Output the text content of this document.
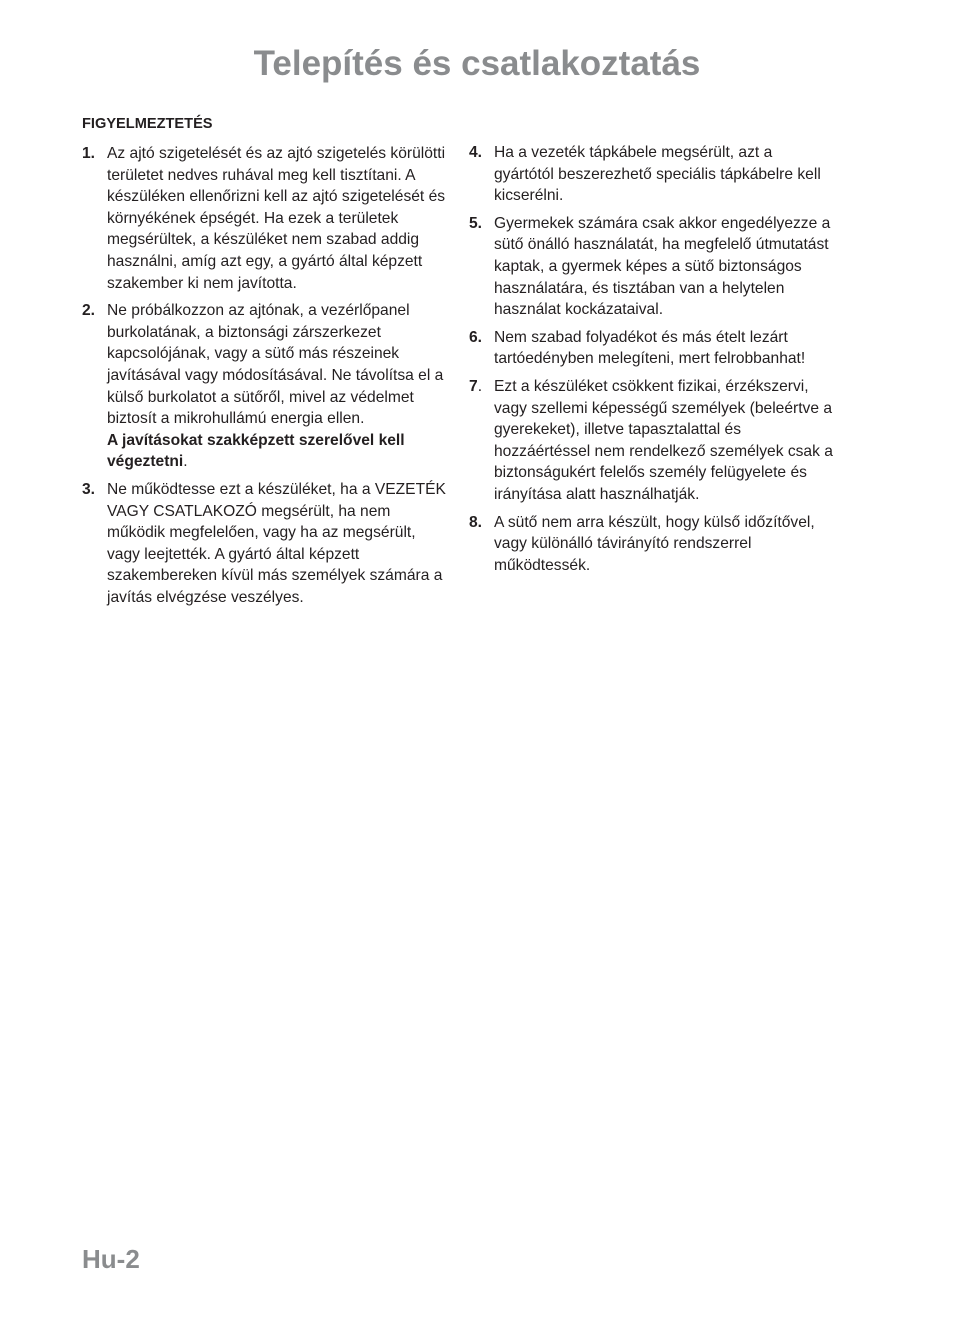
Telepítés és csatlakoztatás
FIGYELMEZTETÉS
1. Az ajtó szigetelését és az ajtó szigetelés körülötti területet nedves ruhával meg kell tisztítani. A készüléken ellenőrizni kell az ajtó szigetelését és környékének épségét. Ha ezek a területek megsérültek, a készüléket nem szabad addig használni, amíg azt egy, a gyártó által képzett szakember ki nem javította.
2. Ne próbálkozzon az ajtónak, a vezérlőpanel burkolatának, a biztonsági zárszerkezet kapcsolójának, vagy a sütő más részeinek javításával vagy módosításával. Ne távolítsa el a külső burkolatot a sütőről, mivel az védelmet biztosít a mikrohullámú energia ellen.
A javításokat szakképzett szerelővel kell végeztetni.
3. Ne működtesse ezt a készüléket, ha a VEZETÉK VAGY CSATLAKOZÓ megsérült, ha nem működik megfelelően, vagy ha az megsérült, vagy leejtették. A gyártó által képzett szakembereken kívül más személyek számára a javítás elvégzése veszélyes.
4. Ha a vezeték tápkábele megsérült, azt a gyártótól beszerezhető speciális tápkábelre kell kicserélni.
5. Gyermekek számára csak akkor engedélyezze a sütő önálló használatát, ha megfelelő útmutatást kaptak, a gyermek képes a sütő biztonságos használatára, és tisztában van a helytelen használat kockázataival.
6. Nem szabad folyadékot és más ételt lezárt tartóedényben melegíteni, mert felrobbanhat!
7. Ezt a készüléket csökkent fizikai, érzékszervi, vagy szellemi képességű személyek (beleértve a gyerekeket), illetve tapasztalattal és hozzáértéssel nem rendelkező személyek csak a biztonságukért felelős személy felügyelete és irányítása alatt használhatják.
8. A sütő nem arra készült, hogy külső időzítővel, vagy különálló távirányító rendszerrel működtessék.
Hu-2
